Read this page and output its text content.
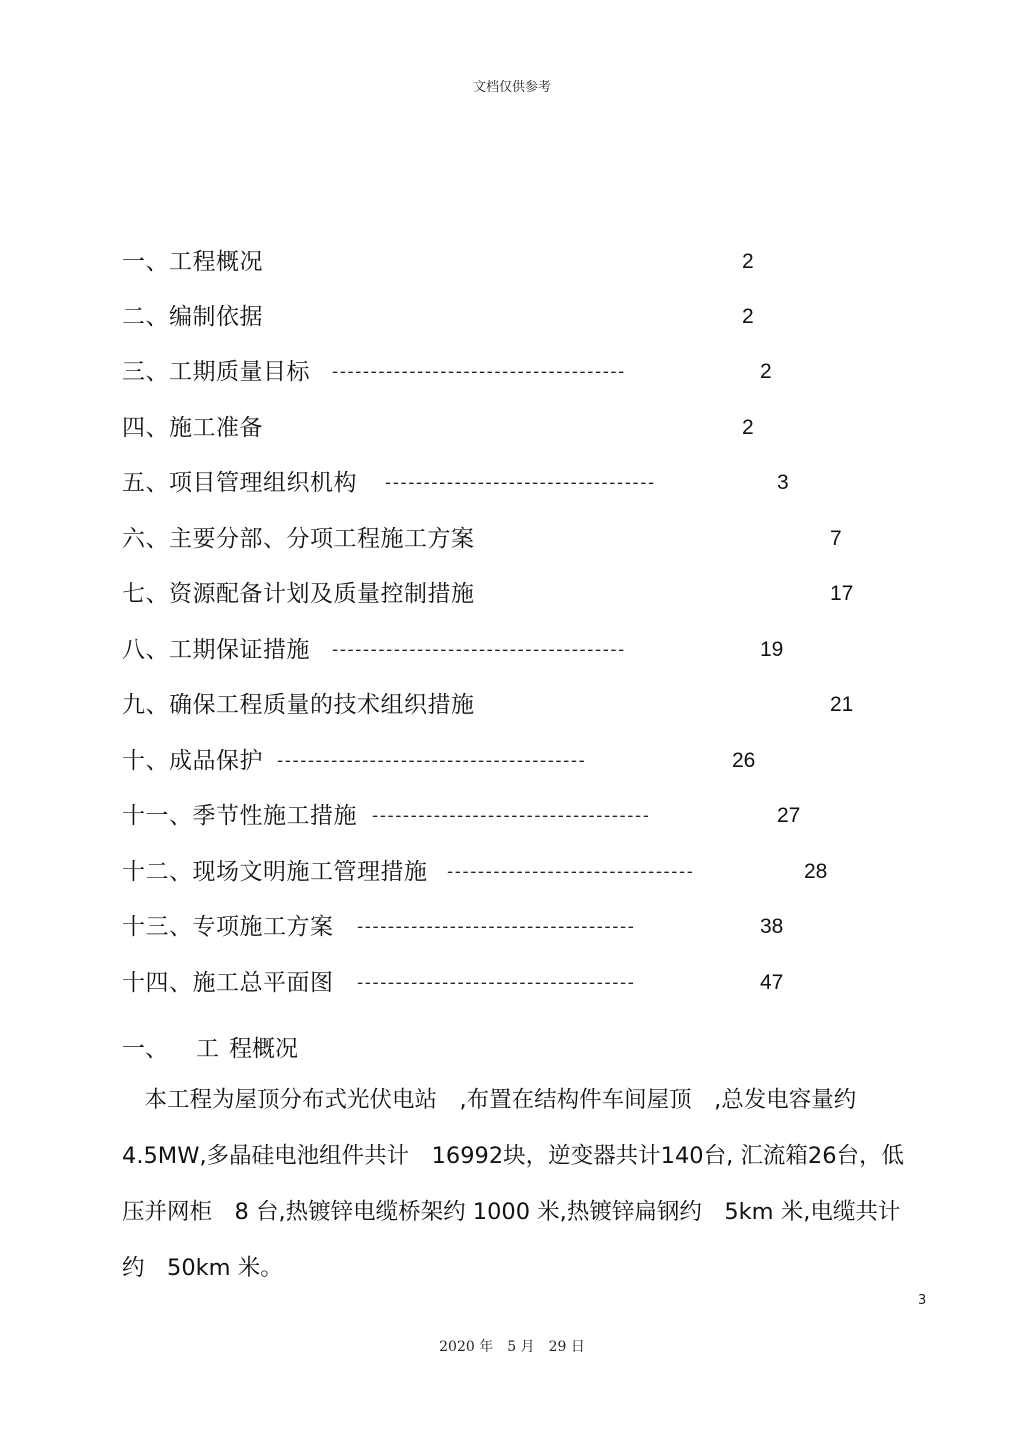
文档仅供参考
一、工程概况	2
二、编制依据	2
三、工期质量目标 --------------------------------------	2
四、施工准备	2
五、项目管理组织机构 -----------------------------------	3
六、主要分部、分项工程施工方案	7
七、资源配备计划及质量控制措施	17
八、工期保证措施 --------------------------------------	19
九、确保工程质量的技术组织措施	21
十、成品保护 ----------------------------------------	26
十一、季节性施工措施 ------------------------------------	27
十二、现场文明施工管理措施 --------------------------------	28
十三、专项施工方案 ------------------------------------	38
十四、施工总平面图 ------------------------------------	47
一、 工程概况
　本工程为屋顶分布式光伏电站　,布置在结构件车间屋顶　,总发电容量约
4.5MW,多晶硅电池组件共计　16992块，逆变器共计140台, 汇流箱26台，低
压并网柜　8 台,热镀锌电缆桥架约 1000 米,热镀锌扁钢约　5km 米,电缆共计
约　50km 米。
3
2020 年　5 月　29 日
